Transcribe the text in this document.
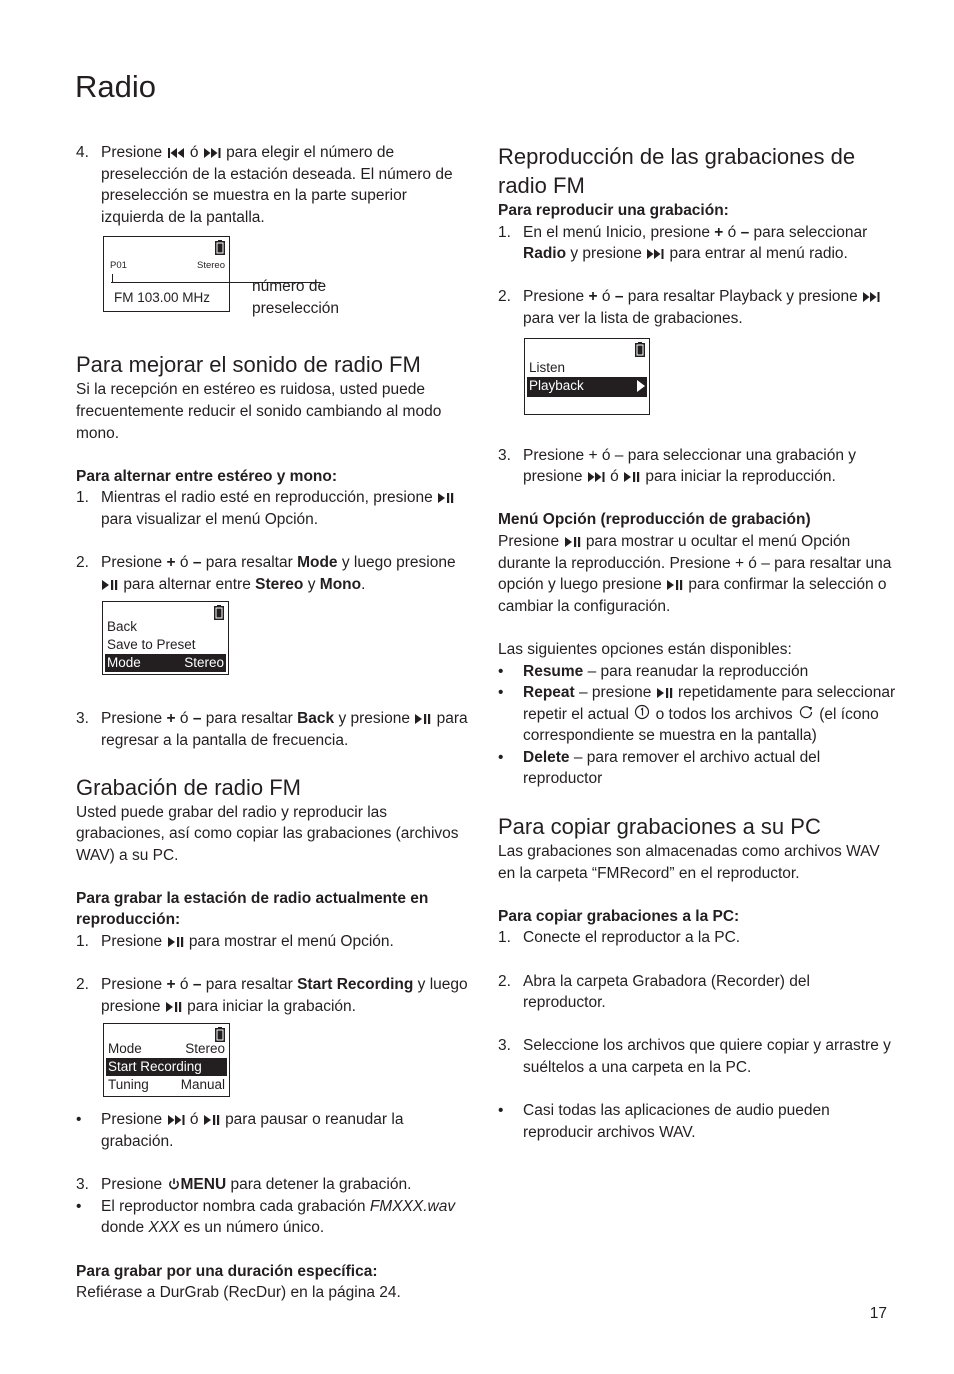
Radio
4. Presione ó para elegir el número de preselección de la estación deseada. El número de preselección se muestra en la parte superior izquierda de la pantalla.
P01	Stereo
FM 103.00 MHz
número de preselección
Para mejorar el sonido de radio FM

Si la recepción en estéreo es ruidosa, usted puede frecuentemente reducir el sonido cambiando al modo mono.

Para alternar entre estéreo y mono:

1. Mientras el radio esté en reproducción, presione
para visualizar el menú Opción.
2. Presione + ó – para resaltar Mode y luego presione
para alternar entre Stereo y Mono.
Back
Save to Preset
Mode	Stereo
3. Presione + ó – para resaltar Back y presione para regresar a la pantalla de frecuencia.
Grabación de radio FM

Usted puede grabar del radio y reproducir las grabaciones, así como copiar las grabaciones (archivos WAV) a su PC.

Para grabar la estación de radio actualmente en reproducción:

1. Presione para mostrar el menú Opción.
2. Presione + ó – para resaltar Start Recording y luego presione para iniciar la grabación.
Mode	Stereo
Start Recording
Tuning Manual
•	Presione ó para pausar o reanudar la grabación.
3. Presione MENU para detener la grabación.
•	El reproductor nombra cada grabación FMXXX.wav donde XXX es un número único.

Para grabar por una duración específica:

Refiérase a DurGrab (RecDur) en la página 24.

Reproducción de las grabaciones de radio FM

Para reproducir una grabación:

1. En el menú Inicio, presione + ó – para seleccionar Radio y presione para entrar al menú radio.
2. Presione + ó – para resaltar Playback y presione
para ver la lista de grabaciones.
Listen
Playback
3. Presione + ó – para seleccionar una grabación y presione ó para iniciar la reproducción.

Menú Opción (reproducción de grabación)

Presione para mostrar u ocultar el menú Opción durante la reproducción. Presione + ó – para resaltar una opción y luego presione para confirmar la selección o cambiar la configuración.

Las siguientes opciones están disponibles:

•	Resume – para reanudar la reproducción
•	Repeat – presione repetidamente para seleccionar repetir el actual o todos los archivos (el ícono correspondiente se muestra en la pantalla)
•	Delete – para remover el archivo actual del reproductor
Para copiar grabaciones a su PC

Las grabaciones son almacenadas como archivos WAV en la carpeta “FMRecord” en el reproductor.

Para copiar grabaciones a la PC:

1. Conecte el reproductor a la PC.
2. Abra la carpeta Grabadora (Recorder) del reproductor.
3. Seleccione los archivos que quiere copiar y arrastre y suéltelos a una carpeta en la PC.
•	Casi todas las aplicaciones de audio pueden reproducir archivos WAV.
17
